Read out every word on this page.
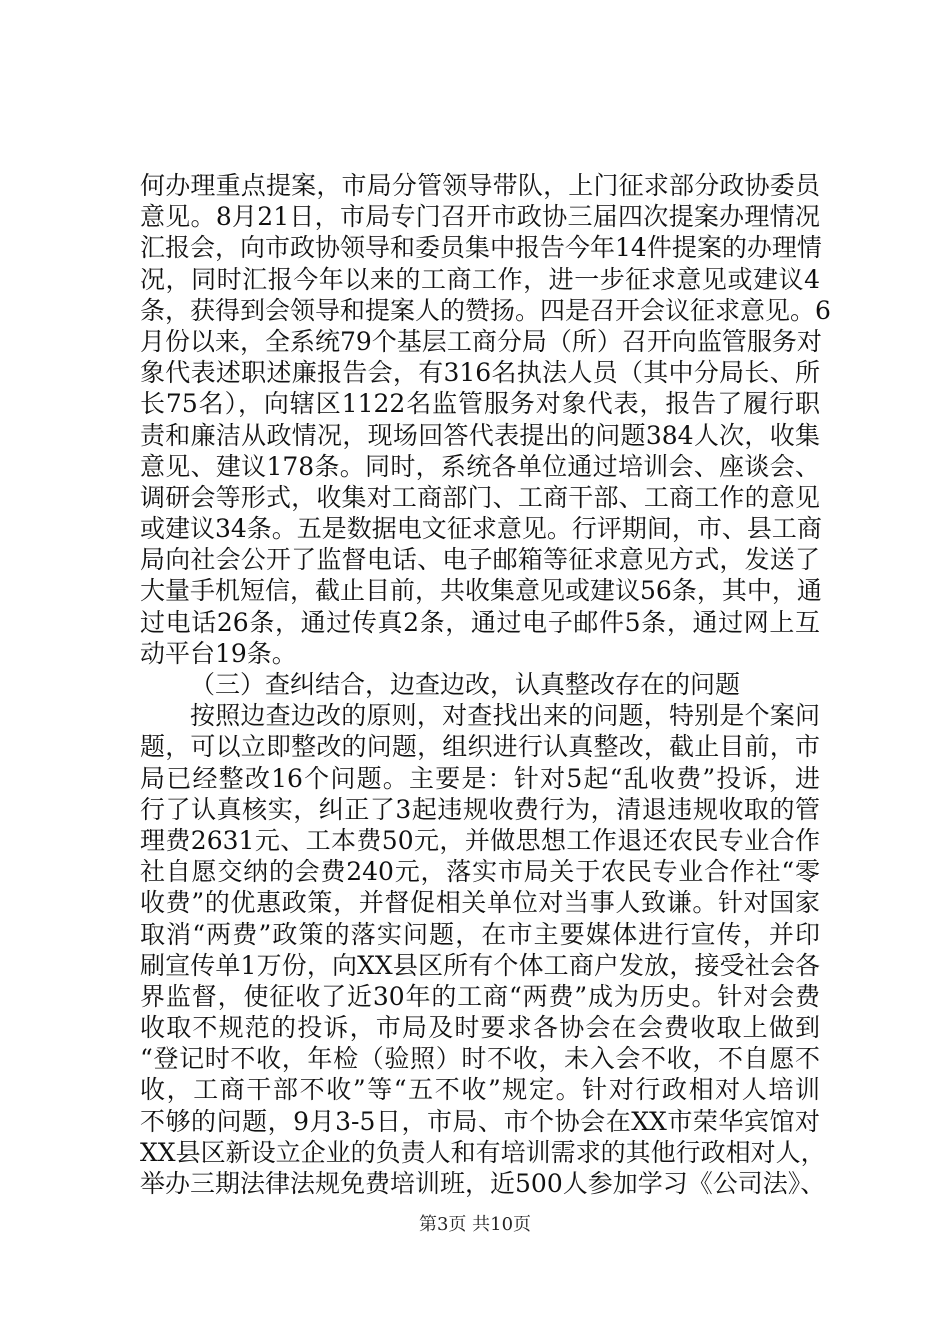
何办理重点提案，市局分管领导带队，上门征求部分政协委员
意见。8月21日，市局专门召开市政协三届四次提案办理情况
汇报会，向市政协领导和委员集中报告今年14件提案的办理情
况，同时汇报今年以来的工商工作，进一步征求意见或建议4
条，获得到会领导和提案人的赞扬。四是召开会议征求意见。6
月份以来，全系统79个基层工商分局（所）召开向监管服务对
象代表述职述廉报告会，有316名执法人员（其中分局长、所
长75名），向辖区1122名监管服务对象代表，报告了履行职
责和廉洁从政情况，现场回答代表提出的问题384人次，收集
意见、建议178条。同时，系统各单位通过培训会、座谈会、
调研会等形式，收集对工商部门、工商干部、工商工作的意见
或建议34条。五是数据电文征求意见。行评期间，市、县工商
局向社会公开了监督电话、电子邮箱等征求意见方式，发送了
大量手机短信，截止目前，共收集意见或建议56条，其中，通
过电话26条，通过传真2条，通过电子邮件5条，通过网上互
动平台19条。
（三）查纠结合，边查边改，认真整改存在的问题
按照边查边改的原则，对查找出来的问题，特别是个案问
题，可以立即整改的问题，组织进行认真整改，截止目前，市
局已经整改16个问题。主要是：针对5起“乱收费”投诉，进
行了认真核实，纠正了3起违规收费行为，清退违规收取的管
理费2631元、工本费50元，并做思想工作退还农民专业合作
社自愿交纳的会费240元，落实市局关于农民专业合作社“零
收费”的优惠政策，并督促相关单位对当事人致谦。针对国家
取消“两费”政策的落实问题，在市主要媒体进行宣传，并印
刷宣传单1万份，向XX县区所有个体工商户发放，接受社会各
界监督，使征收了近30年的工商“两费”成为历史。针对会费
收取不规范的投诉，市局及时要求各协会在会费收取上做到
“登记时不收，年检（验照）时不收，未入会不收，不自愿不
收，工商干部不收”等“五不收”规定。针对行政相对人培训
不够的问题，9月3-5日，市局、市个协会在XX市荣华宾馆对
XX县区新设立企业的负责人和有培训需求的其他行政相对人，
举办三期法律法规免费培训班，近500人参加学习《公司法》、
第3页 共10页
